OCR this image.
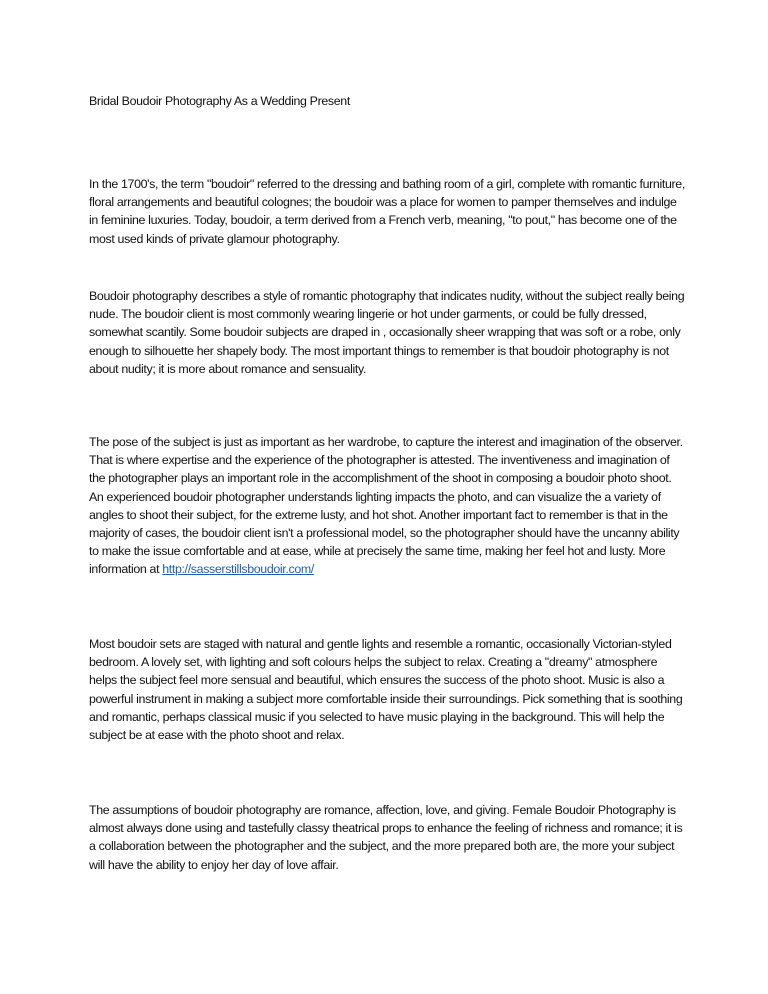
Bridal Boudoir Photography As a Wedding Present

In the 1700's, the term "boudoir" referred to the dressing and bathing room of a girl, complete with romantic furniture, floral arrangements and beautiful colognes; the boudoir was a place for women to pamper themselves and indulge in feminine luxuries. Today, boudoir, a term derived from a French verb, meaning, "to pout," has become one of the most used kinds of private glamour photography.

Boudoir photography describes a style of romantic photography that indicates nudity, without the subject really being nude. The boudoir client is most commonly wearing lingerie or hot under garments, or could be fully dressed, somewhat scantily. Some boudoir subjects are draped in , occasionally sheer wrapping that was soft or a robe, only enough to silhouette her shapely body. The most important things to remember is that boudoir photography is not about nudity; it is more about romance and sensuality.

The pose of the subject is just as important as her wardrobe, to capture the interest and imagination of the observer. That is where expertise and the experience of the photographer is attested. The inventiveness and imagination of the photographer plays an important role in the accomplishment of the shoot in composing a boudoir photo shoot. An experienced boudoir photographer understands lighting impacts the photo, and can visualize the a variety of angles to shoot their subject, for the extreme lusty, and hot shot. Another important fact to remember is that in the majority of cases, the boudoir client isn't a professional model, so the photographer should have the uncanny ability to make the issue comfortable and at ease, while at precisely the same time, making her feel hot and lusty. More information at http://sasserstillsboudoir.com/

Most boudoir sets are staged with natural and gentle lights and resemble a romantic, occasionally Victorian-styled bedroom. A lovely set, with lighting and soft colours helps the subject to relax. Creating a "dreamy" atmosphere helps the subject feel more sensual and beautiful, which ensures the success of the photo shoot. Music is also a powerful instrument in making a subject more comfortable inside their surroundings. Pick something that is soothing and romantic, perhaps classical music if you selected to have music playing in the background. This will help the subject be at ease with the photo shoot and relax.

The assumptions of boudoir photography are romance, affection, love, and giving. Female Boudoir Photography is almost always done using and tastefully classy theatrical props to enhance the feeling of richness and romance; it is a collaboration between the photographer and the subject, and the more prepared both are, the more your subject will have the ability to enjoy her day of love affair.
